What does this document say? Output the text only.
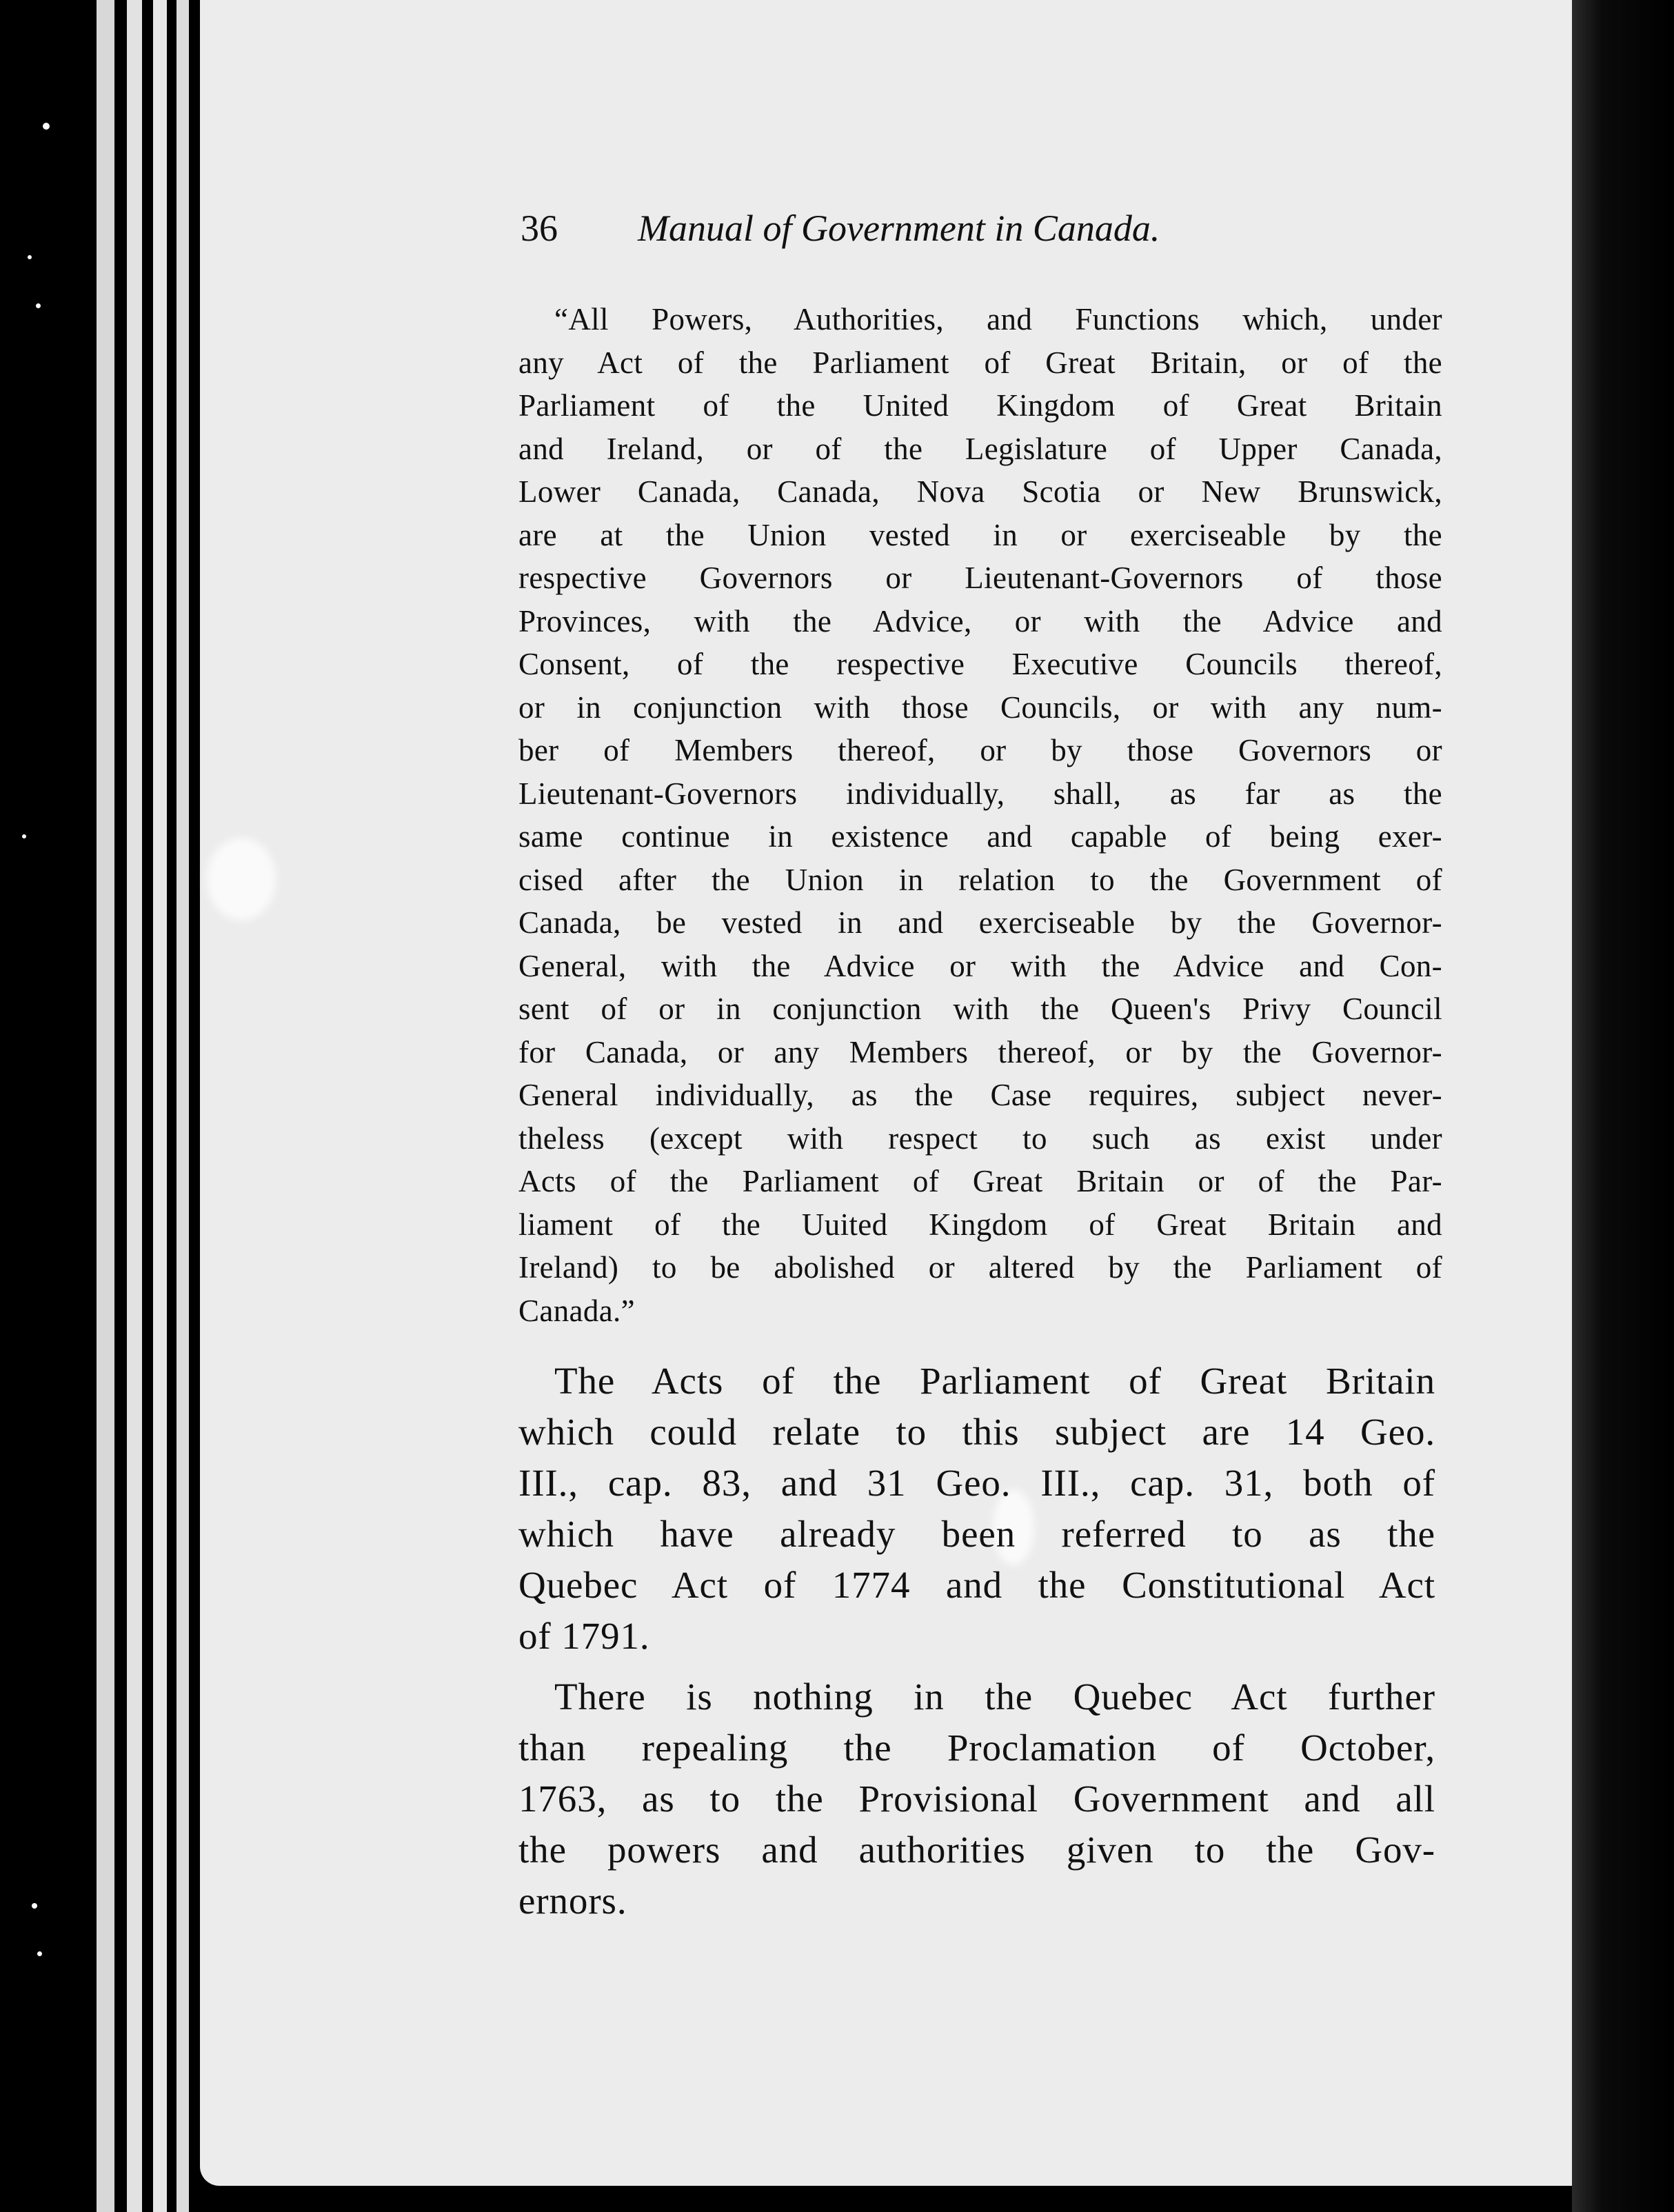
36 Manual of Government in Canada.
“All Powers, Authorities, and Functions which, under
any Act of the Parliament of Great Britain, or of the
Parliament of the United Kingdom of Great Britain
and Ireland, or of the Legislature of Upper Canada,
Lower Canada, Canada, Nova Scotia or New Brunswick,
are at the Union vested in or exerciseable by the
respective Governors or Lieutenant-Governors of those
Provinces, with the Advice, or with the Advice and
Consent, of the respective Executive Councils thereof,
or in conjunction with those Councils, or with any num-
ber of Members thereof, or by those Governors or
Lieutenant-Governors individually, shall, as far as the
same continue in existence and capable of being exer-
cised after the Union in relation to the Government of
Canada, be vested in and exerciseable by the Governor-
General, with the Advice or with the Advice and Con-
sent of or in conjunction with the Queen's Privy Council
for Canada, or any Members thereof, or by the Governor-
General individually, as the Case requires, subject never-
theless (except with respect to such as exist under
Acts of the Parliament of Great Britain or of the Par-
liament of the Uuited Kingdom of Great Britain and
Ireland) to be abolished or altered by the Parliament of
Canada.”
The Acts of the Parliament of Great Britain
which could relate to this subject are 14 Geo.
III., cap. 83, and 31 Geo. III., cap. 31, both of
which have already been referred to as the
Quebec Act of 1774 and the Constitutional Act
of 1791.
There is nothing in the Quebec Act further
than repealing the Proclamation of October,
1763, as to the Provisional Government and all
the powers and authorities given to the Gov-
ernors.
